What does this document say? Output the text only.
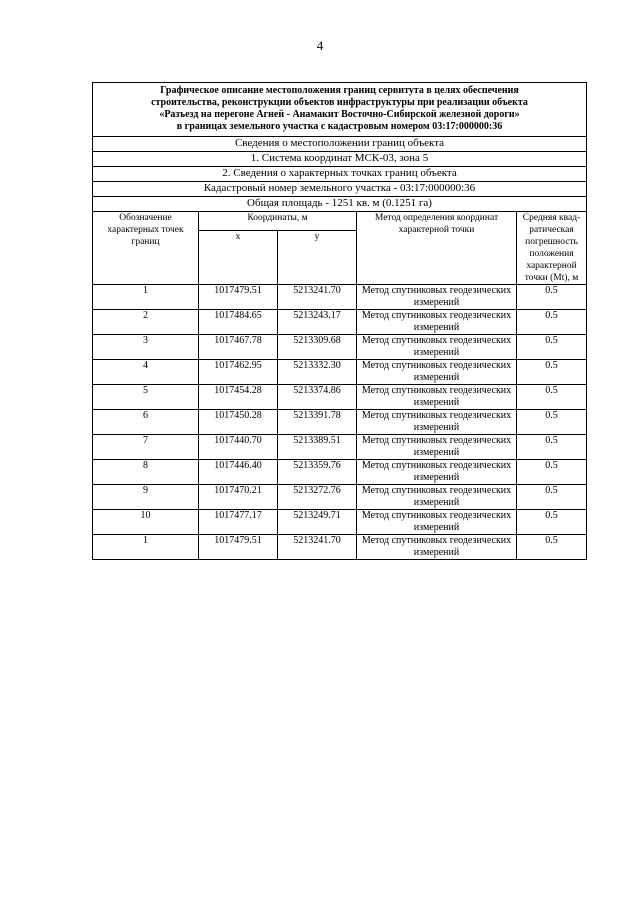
4
Графическое описание местоположения границ сервитута в целях обеспечения
строительства, реконструкции объектов инфраструктуры при реализации объекта
«Разъезд на перегоне Агней - Анамакит Восточно-Сибирской железной дороги»
в границах земельного участка с кадастровым номером 03:17:000000:36				

Сведения о местоположении границ объекта				
1. Система координат МСК-03, зона 5				
2. Сведения о характерных точках границ объекта				
Кадастровый номер земельного участка - 03:17:000000:36				
Общая площадь - 1251 кв. м (0.1251 га)				
Обозначение характерных точек границ	Координаты, м		Метод определения координат характерной точки	Средняя квад-ратическая погрешность положения характерной точки (Mt), м
	x	y		
1	1017479.51	5213241.70	Метод спутниковых геодезических измерений	0.5
2	1017484.65	5213243.17	Метод спутниковых геодезических измерений	0.5
3	1017467.78	5213309.68	Метод спутниковых геодезических измерений	0.5
4	1017462.95	5213332.30	Метод спутниковых геодезических измерений	0.5
5	1017454.28	5213374.86	Метод спутниковых геодезических измерений	0.5
6	1017450.28	5213391.78	Метод спутниковых геодезических измерений	0.5
7	1017440.70	5213389.51	Метод спутниковых геодезических измерений	0.5
8	1017446.40	5213359.76	Метод спутниковых геодезических измерений	0.5
9	1017470.21	5213272.76	Метод спутниковых геодезических измерений	0.5
10	1017477.17	5213249.71	Метод спутниковых геодезических измерений	0.5
1	1017479.51	5213241.70	Метод спутниковых геодезических измерений	0.5
